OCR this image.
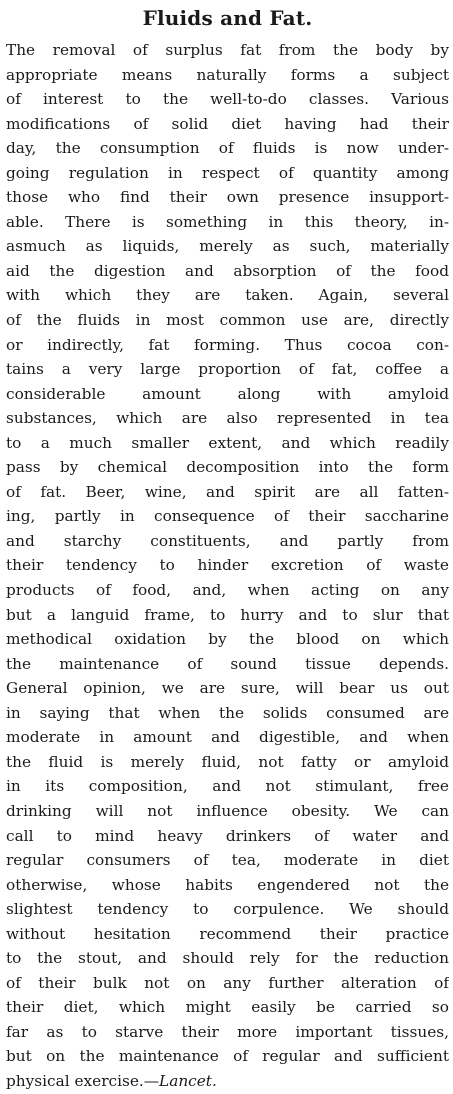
Fluids and Fat.
The removal of surplus fat from the body by
appropriate means naturally forms a subject
of interest to the well-to-do classes. Various
modifications of solid diet having had their
day, the consumption of fluids is now under-
going regulation in respect of quantity among
those who find their own presence insupport-
able. There is something in this theory, in-
asmuch as liquids, merely as such, materially
aid the digestion and absorption of the food
with which they are taken. Again, several
of the fluids in most common use are, directly
or indirectly, fat forming. Thus cocoa con-
tains a very large proportion of fat, coffee a
considerable amount along with amyloid
substances, which are also represented in tea
to a much smaller extent, and which readily
pass by chemical decomposition into the form
of fat. Beer, wine, and spirit are all fatten-
ing, partly in consequence of their saccharine
and starchy constituents, and partly from
their tendency to hinder excretion of waste
products of food, and, when acting on any
but a languid frame, to hurry and to slur that
methodical oxidation by the blood on which
the maintenance of sound tissue depends.
General opinion, we are sure, will bear us out
in saying that when the solids consumed are
moderate in amount and digestible, and when
the fluid is merely fluid, not fatty or amyloid
in its composition, and not stimulant, free
drinking will not influence obesity. We can
call to mind heavy drinkers of water and
regular consumers of tea, moderate in diet
otherwise, whose habits engendered not the
slightest tendency to corpulence. We should
without hesitation recommend their practice
to the stout, and should rely for the reduction
of their bulk not on any further alteration of
their diet, which might easily be carried so
far as to starve their more important tissues,
but on the maintenance of regular and sufficient
physical exercise.—Lancet.
